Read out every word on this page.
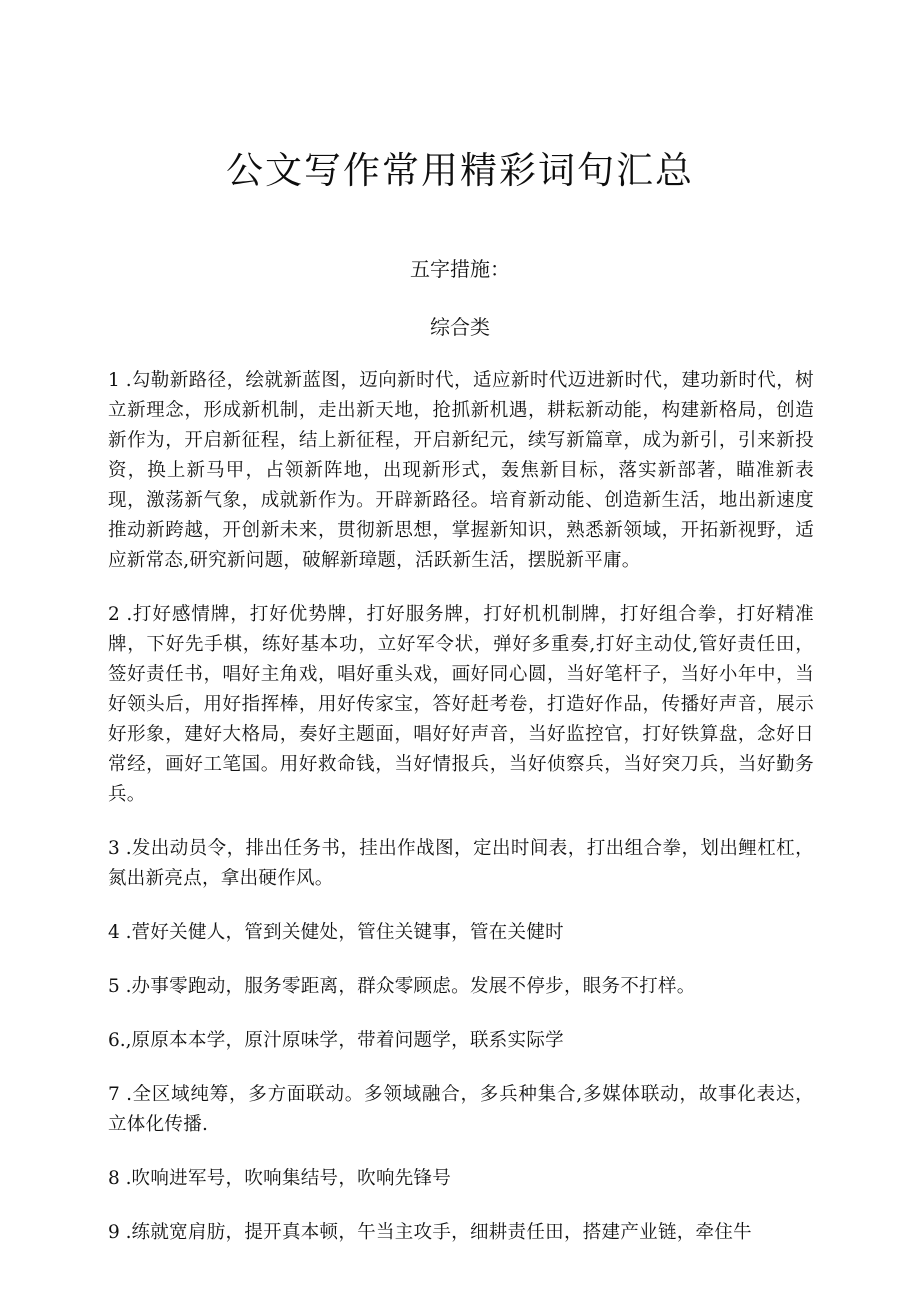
公文写作常用精彩词句汇总
五字措施：
综合类

1 .勾勒新路径，绘就新蓝图，迈向新时代，适应新时代迈进新时代，建功新时代，树立新理念，形成新机制，走出新天地，抢抓新机遇，耕耘新动能，构建新格局，创造新作为，开启新征程，结上新征程，开启新纪元，续写新篇章，成为新引，引来新投资，换上新马甲，占领新阵地，出现新形式，轰焦新目标，落实新部著，瞄准新表现，激荡新气象，成就新作为。开辟新路径。培育新动能、创造新生活，地出新速度推动新跨越，开创新未来，贯彻新思想，掌握新知识，熟悉新领域，开拓新视野，适应新常态,研究新问题，破解新璋题，活跃新生活，摆脱新平庸。

2 .打好感情牌，打好优势牌，打好服务牌，打好机机制牌，打好组合拳，打好精准牌，下好先手棋，练好基本功，立好军令状，弹好多重奏,打好主动仗,管好责任田，签好责任书，唱好主角戏，唱好重头戏，画好同心圆，当好笔杆子，当好小年中，当好领头后，用好指挥棒，用好传家宝，答好赶考卷，打造好作品，传播好声音，展示好形象，建好大格局，奏好主题面，唱好好声音，当好监控官，打好铁算盘，念好日常经，画好工笔国。用好救命钱，当好情报兵，当好侦察兵，当好突刀兵，当好勤务兵。

3 .发出动员令，排出任务书，挂出作战图，定出时间表，打出组合拳，划出鲤杠杠，氮出新亮点，拿出硬作风。

4 .菅好关健人，管到关健处，管住关键事，管在关健时

5 .办事零跑动，服务零距离，群众零顾虑。发展不停步，眼务不打样。

6.,原原本本学，原汁原味学，带着问题学，联系实际学

7 .全区域纯筹，多方面联动。多领域融合，多兵种集合,多媒体联动，故事化表达，立体化传播.

8 .吹响进军号，吹响集结号，吹响先锋号

9 .练就宽肩肪，提开真本顿，午当主攻手，细耕责任田，搭建产业链，牵住牛
